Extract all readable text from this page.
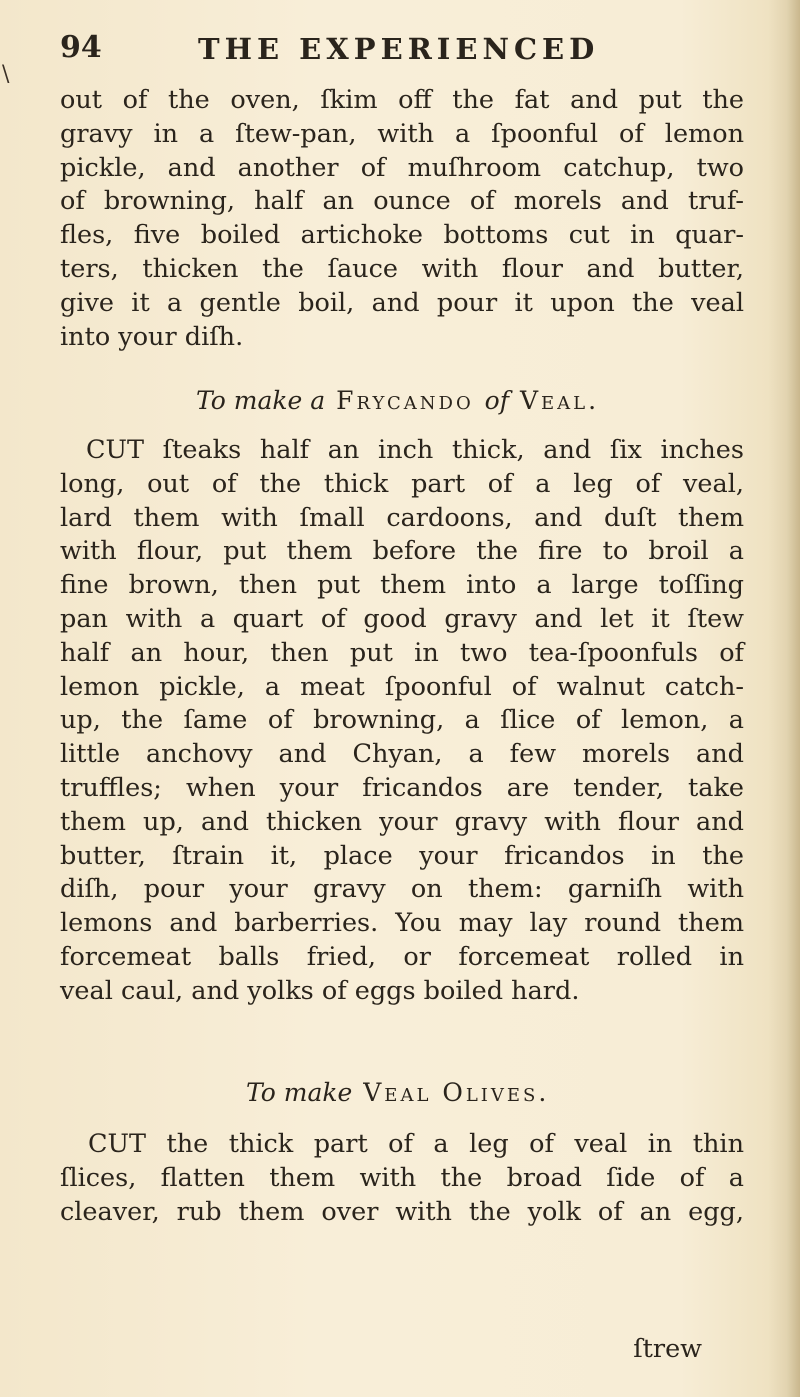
\
94	THE EXPERIENCED
out of the oven, ſkim off the fat and put the
gravy in a ſtew-pan, with a ſpoonful of lemon
pickle, and another of muſhroom catchup, two
of browning, half an ounce of morels and truf-
fles, five boiled artichoke bottoms cut in quar-
ters, thicken the ſauce with flour and butter,
give it a gentle boil, and pour it upon the veal
into your diſh.
To make a Frycando of Veal.
CUT ſteaks half an inch thick, and ſix inches
long, out of the thick part of a leg of veal,
lard them with ſmall cardoons, and duſt them
with flour, put them before the fire to broil a
fine brown, then put them into a large toſſing
pan with a quart of good gravy and let it ſtew
half an hour, then put in two tea-ſpoonfuls of
lemon pickle, a meat ſpoonful of walnut catch-
up, the ſame of browning, a ſlice of lemon, a
little anchovy and Chyan, a few morels and
truffles; when your fricandos are tender, take
them up, and thicken your gravy with flour and
butter, ſtrain it, place your fricandos in the
diſh, pour your gravy on them: garniſh with
lemons and barberries. You may lay round them
forcemeat balls fried, or forcemeat rolled in
veal caul, and yolks of eggs boiled hard.
To make Veal Olives.
CUT the thick part of a leg of veal in thin
ſlices, flatten them with the broad ſide of a
cleaver, rub them over with the yolk of an egg,
ſtrew
